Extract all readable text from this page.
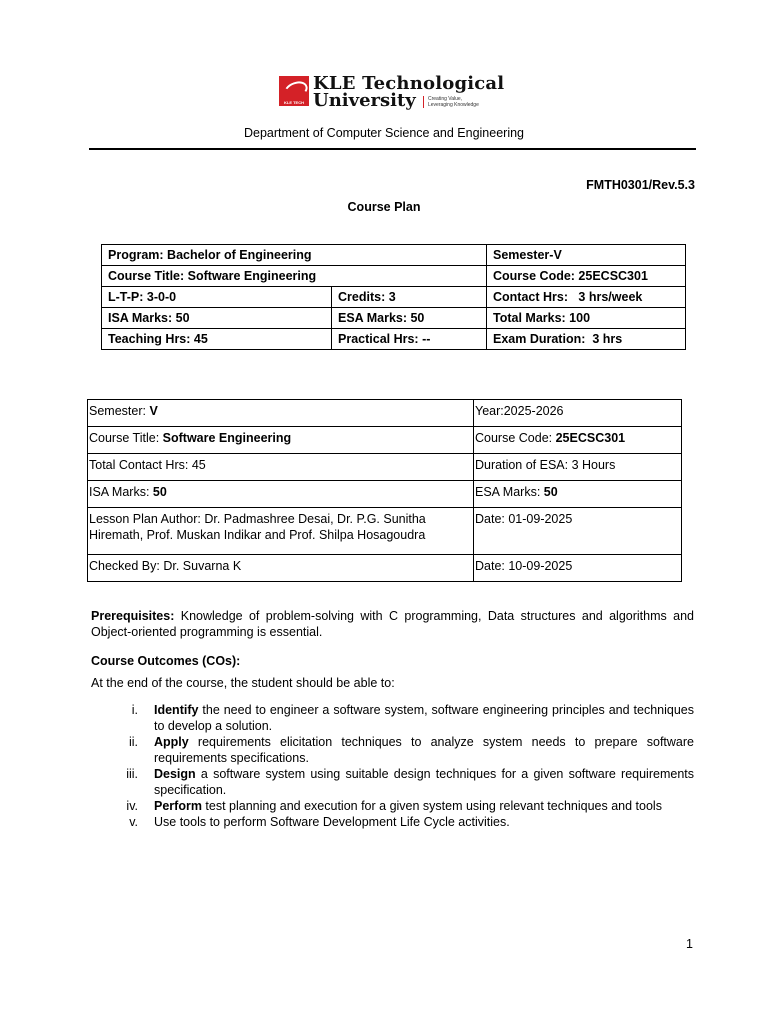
KLE TECH
KLE Technological
University Creating Value,
Leveraging Knowledge
Department of Computer Science and Engineering
FMTH0301/Rev.5.3
Course Plan
Program: Bachelor of Engineering		Semester-V
Course Title: Software Engineering		Course Code: 25ECSC301
L-T-P: 3-0-0	Credits: 3	Contact Hrs:   3 hrs/week
ISA Marks: 50	ESA Marks: 50	Total Marks: 100
Teaching Hrs: 45	Practical Hrs: --	Exam Duration:  3 hrs
Semester: V	Year:2025-2026
Course Title: Software Engineering	Course Code: 25ECSC301
Total Contact Hrs: 45	Duration of ESA: 3 Hours
ISA Marks: 50	ESA Marks: 50
Lesson Plan Author: Dr. Padmashree Desai, Dr. P.G. Sunitha Hiremath, Prof. Muskan Indikar and Prof. Shilpa Hosagoudra	Date: 01-09-2025
Checked By: Dr. Suvarna K	Date: 10-09-2025
Prerequisites: Knowledge of problem-solving with C programming, Data structures and algorithms and Object-oriented programming is essential.
Course Outcomes (COs):
At the end of the course, the student should be able to:
i.	Identify the need to engineer a software system, software engineering principles and techniques to develop a solution.
ii.	Apply requirements elicitation techniques to analyze system needs to prepare software requirements specifications.
iii.	Design a software system using suitable design techniques for a given software requirements specification.
iv.	Perform test planning and execution for a given system using relevant techniques and tools
v.	Use tools to perform Software Development Life Cycle activities.
1
